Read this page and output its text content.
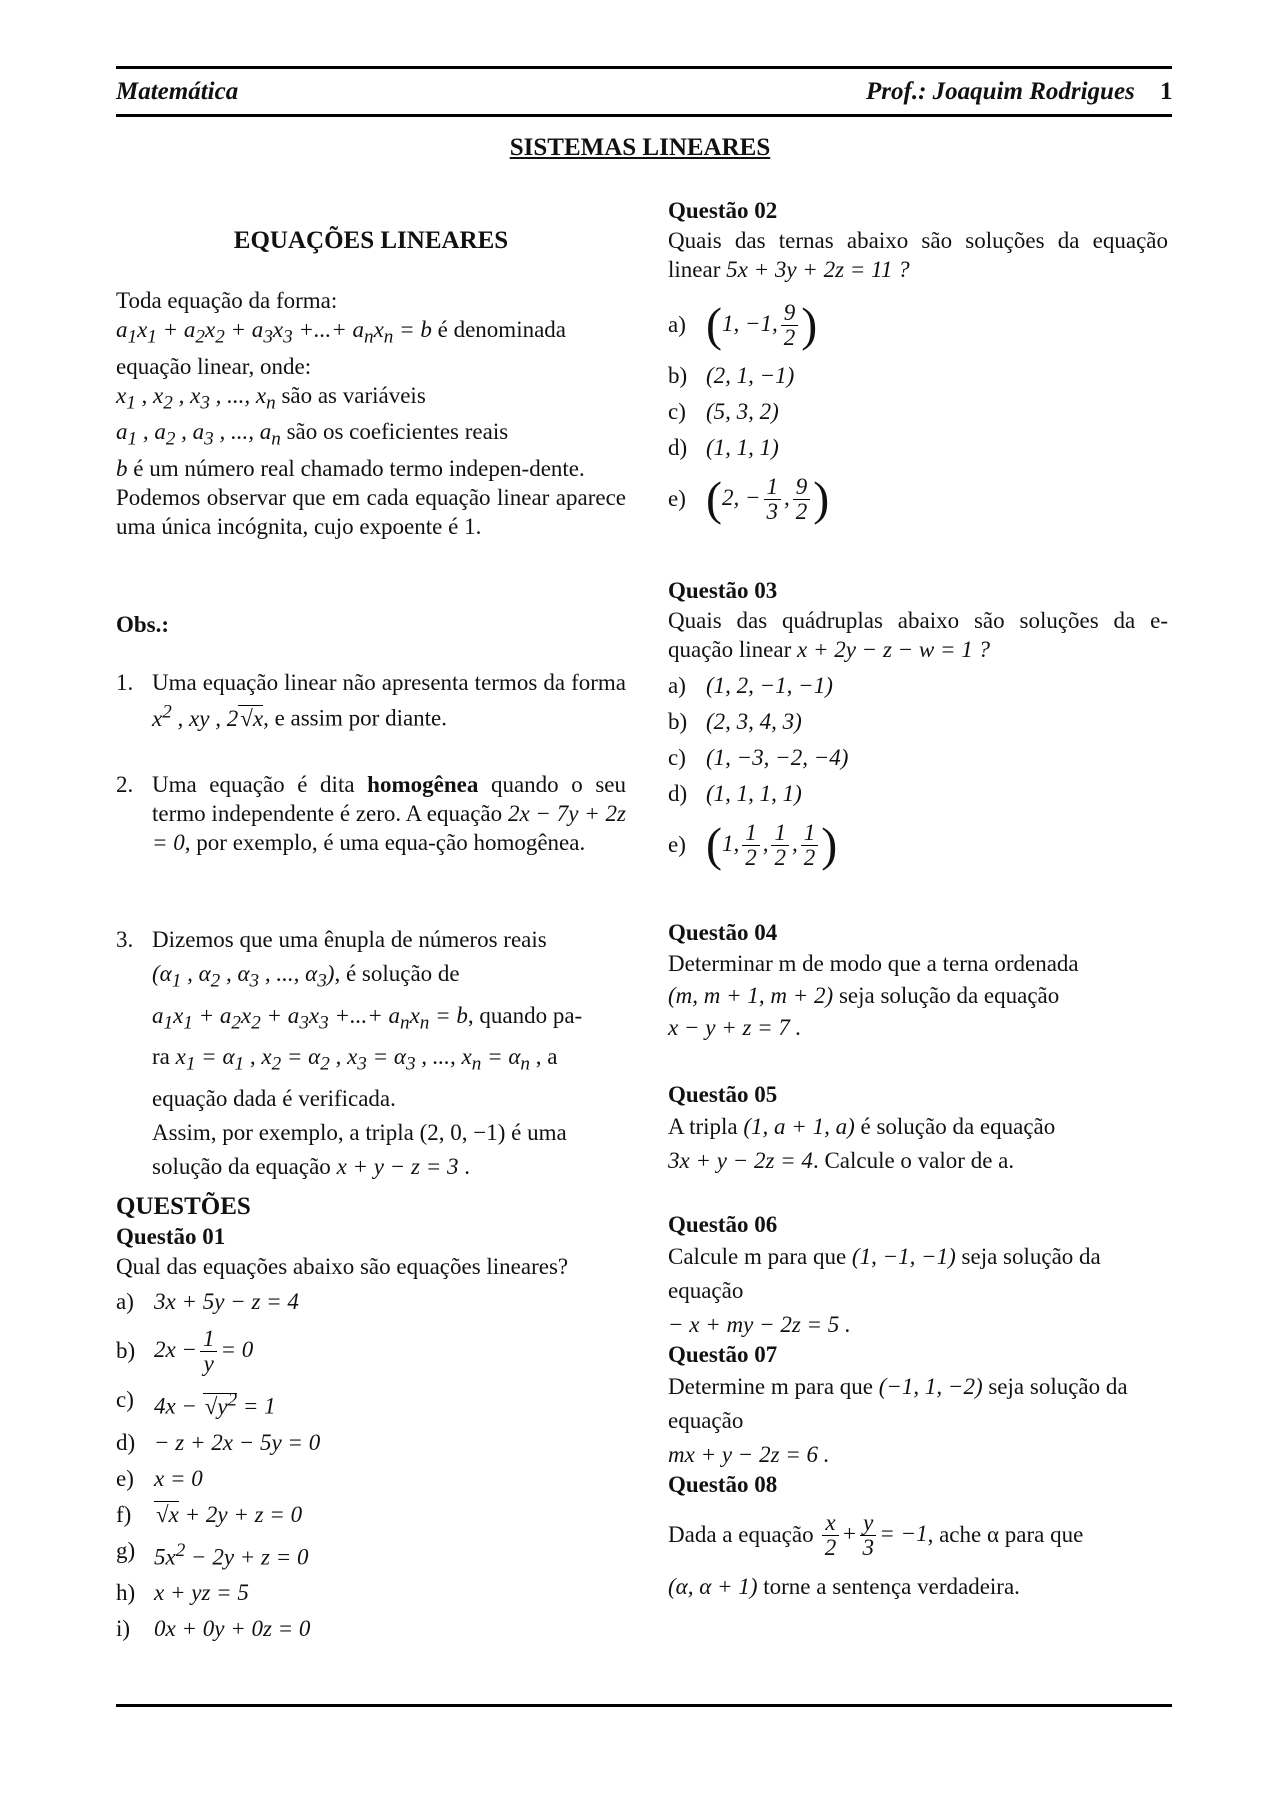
Matemática	Prof.: Joaquim Rodrigues 1
SISTEMAS LINEARES
EQUAÇÕES LINEARES
Toda equação da forma:
$a_1x_1 + a_2x_2 + a_3x_3$ +...+ $a_nx_n = b$ é denominada
equação linear, onde:
$x_1$ , $x_2$ , $x_3$ , ..., $x_n$ são as variáveis
$a_1$ , $a_2$ , $a_3$ , ..., $a_n$ são os coeficientes reais
b é um número real chamado termo indepen-dente.
Podemos observar que em cada equação linear aparece uma única incógnita, cujo expoente é 1.
Obs.:
1. Uma equação linear não apresenta termos da forma $x^2$ , xy , 2√x, e assim por diante.
2. Uma equação é dita homogênea quando o seu termo independente é zero. A equação 2x − 7y + 2z = 0, por exemplo, é uma equa-ção homogênea.
3. Dizemos que uma ênupla de números reais
($\alpha_1$ , $\alpha_2$ , $\alpha_3$ , ..., $\alpha_3$), é solução de
$a_1x_1 + a_2x_2 + a_3x_3$ +...+ $a_nx_n = b$, quando pa-
ra $x_1 = \alpha_1$ , $x_2 = \alpha_2$ , $x_3 = \alpha_3$ , ..., $x_n = \alpha_n$ , a
equação dada é verificada.
Assim, por exemplo, a tripla (2, 0, −1) é uma solução da equação x + y − z = 3 .
QUESTÕES
Questão 01
Qual das equações abaixo são equações lineares?
a) 3x + 5y − z = 4
b) $2x - \frac{1}{y} = 0$
c) $4x - √y^2 = 1$
d) − z + 2x − 5y = 0
e) x = 0
f)	√x + 2y + z = 0
g) $5x^2 - 2y + z = 0$
h) x + yz = 5
i)	0x + 0y + 0z = 0
Questão 02
Quais das ternas abaixo são soluções da equação linear 5x + 3y + 2z = 11 ?
a) (1, −1, $\frac{9}{2}$ )
b) (2, 1, −1)
c) (5, 3, 2)
d) (1, 1, 1)
e) (2, − $\frac{1}{3}$ , $\frac{9}{2}$ )
Questão 03
Quais das quádruplas abaixo são soluções da e-quação linear x + 2y − z − w = 1 ?
a) (1, 2, −1, −1)
b) (2, 3, 4, 3)
c) (1, −3, −2, −4)
d) (1, 1, 1, 1)
e) (1, $\frac{1}{2}$ , $\frac{1}{2}$ , $\frac{1}{2}$ )
Questão 04
Determinar m de modo que a terna ordenada
(m, m + 1, m + 2) seja solução da equação
x − y + z = 7 .
Questão 05
A tripla (1, a + 1, a) é solução da equação
3x + y − 2z = 4. Calcule o valor de a.
Questão 06
Calcule m para que (1, −1, −1) seja solução da equação
− x + my − 2z = 5 .
Questão 07
Determine m para que (−1, 1, −2) seja solução da equação
mx + y − 2z = 6 .
Questão 08
Dada a equação
$\frac{x}{2} + \frac{y}{3} = -1$ , ache α para que
(α, α + 1) torne a sentença verdadeira.
